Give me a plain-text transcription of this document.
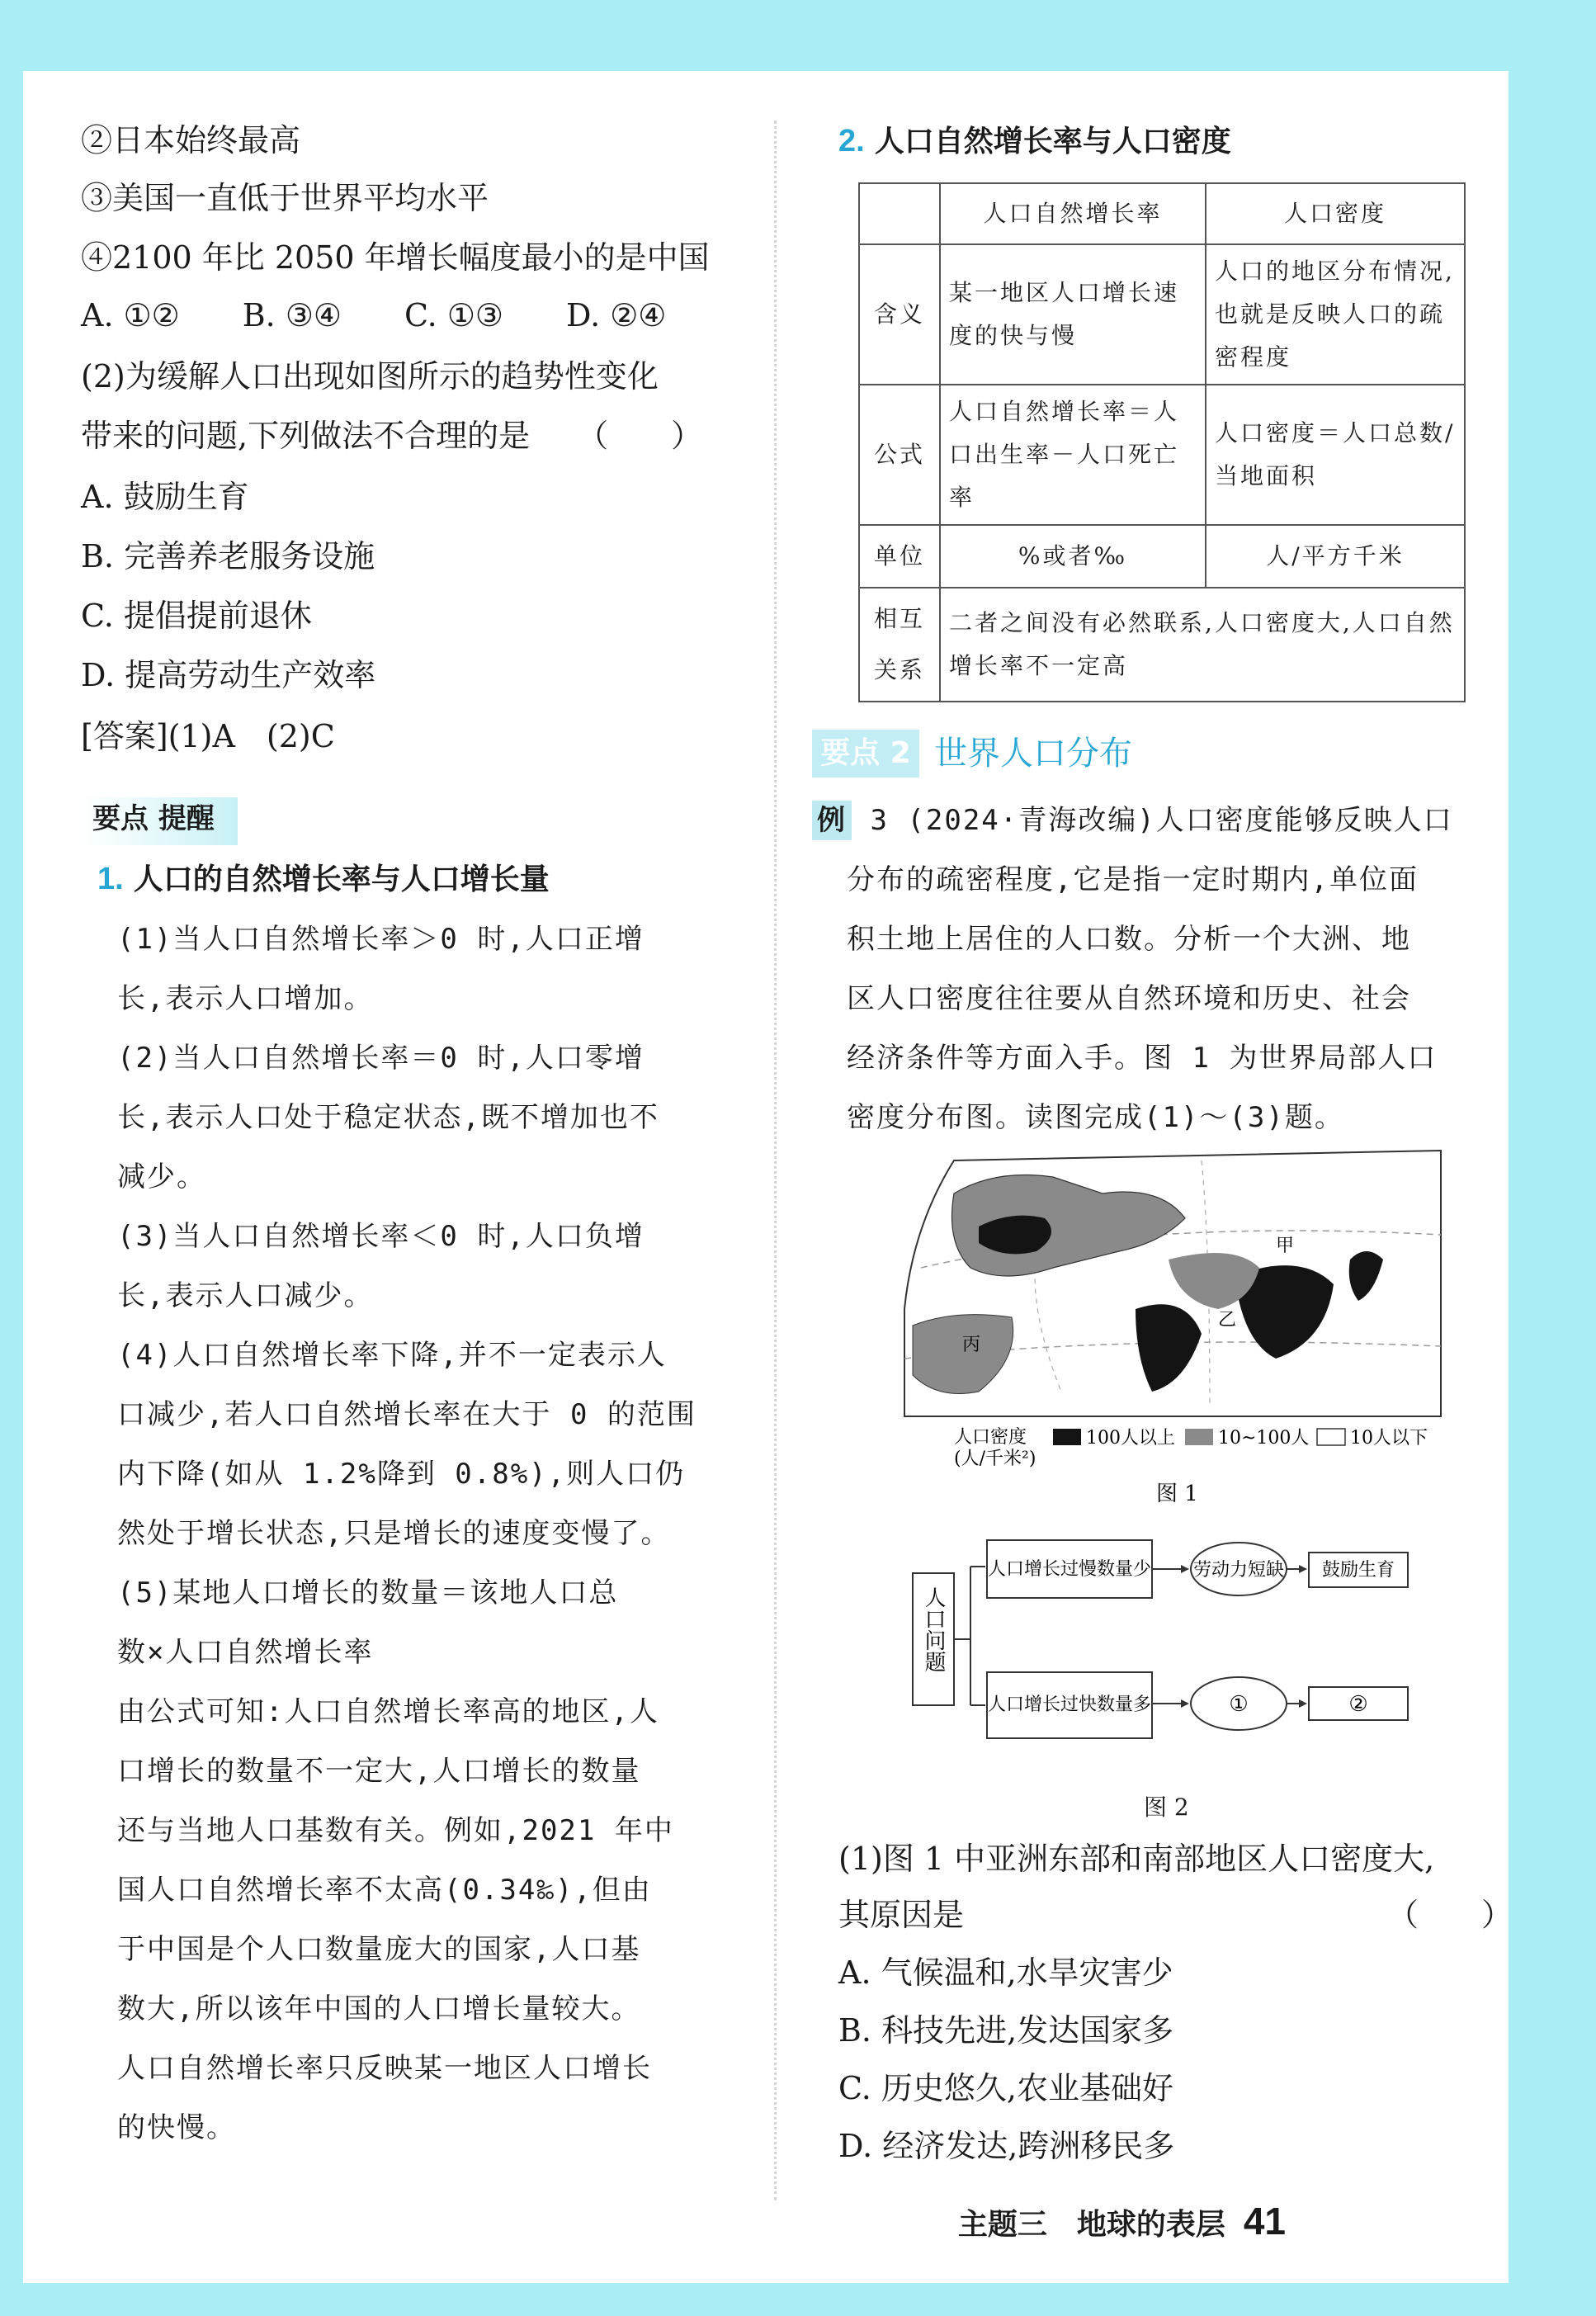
②日本始终最高
③美国一直低于世界平均水平
④2100 年比 2050 年增长幅度最小的是中国
A. ①②　　B. ③④　　C. ①③　　D. ②④
(2)为缓解人口出现如图所示的趋势性变化
带来的问题,下列做法不合理的是　　（　　）
A. 鼓励生育
B. 完善养老服务设施
C. 提倡提前退休
D. 提高劳动生产效率
[答案](1)A　(2)C
要点 提醒
1. 人口的自然增长率与人口增长量
(1)当人口自然增长率＞0 时,人口正增
长,表示人口增加。
(2)当人口自然增长率＝0 时,人口零增
长,表示人口处于稳定状态,既不增加也不
减少。
(3)当人口自然增长率＜0 时,人口负增
长,表示人口减少。
(4)人口自然增长率下降,并不一定表示人
口减少,若人口自然增长率在大于 0 的范围
内下降(如从 1.2%降到 0.8%),则人口仍
然处于增长状态,只是增长的速度变慢了。
(5)某地人口增长的数量＝该地人口总
数×人口自然增长率
由公式可知:人口自然增长率高的地区,人
口增长的数量不一定大,人口增长的数量
还与当地人口基数有关。例如,2021 年中
国人口自然增长率不太高(0.34‰),但由
于中国是个人口数量庞大的国家,人口基
数大,所以该年中国的人口增长量较大。
人口自然增长率只反映某一地区人口增长
的快慢。
2. 人口自然增长率与人口密度
	人口自然增长率	人口密度
含义	某一地区人口增长速度的快与慢	人口的地区分布情况,也就是反映人口的疏密程度
公式	人口自然增长率＝人口出生率－人口死亡率	人口密度＝人口总数/当地面积
单位	%或者‰	人/平方千米
相互关系	二者之间没有必然联系,人口密度大,人口自然增长率不一定高	
要点 2 世界人口分布
例 3 (2024·青海改编)人口密度能够反映人口
分布的疏密程度,它是指一定时期内,单位面
积土地上居住的人口数。分析一个大洲、地
区人口密度往往要从自然环境和历史、社会
经济条件等方面入手。图 1 为世界局部人口
密度分布图。读图完成(1)～(3)题。
甲
乙
丙
人口密度
(人/千米²)
100人以上 10~100人 10人以下
图 1
人口问题
人口增长过慢数量少 劳动力短缺 鼓励生育
人口增长过快数量多	①	②
图 2
(1)图 1 中亚洲东部和南部地区人口密度大,
其原因是　　　　　　　　　　　　　　（　　）
A. 气候温和,水旱灾害少
B. 科技先进,发达国家多
C. 历史悠久,农业基础好
D. 经济发达,跨洲移民多
主题三　地球的表层 41
